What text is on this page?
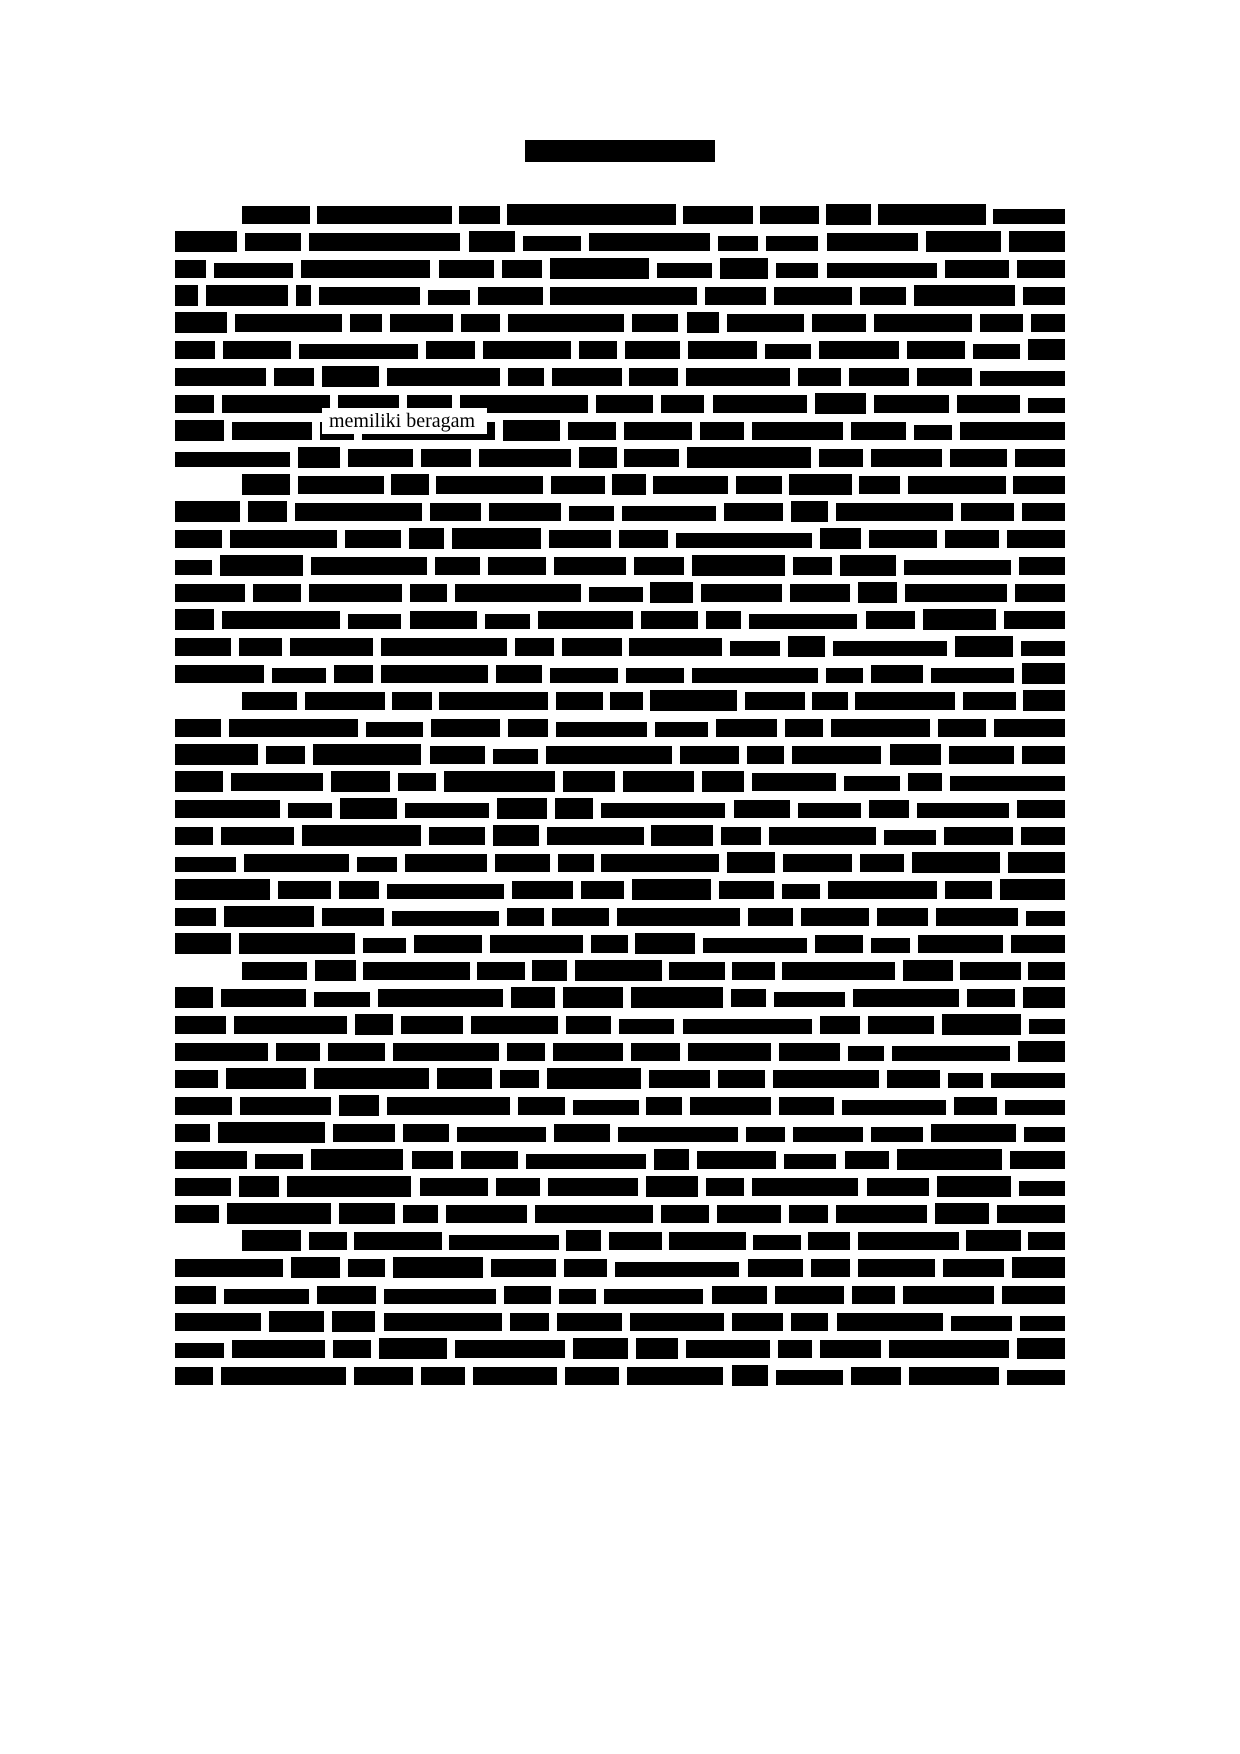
memiliki beragam
